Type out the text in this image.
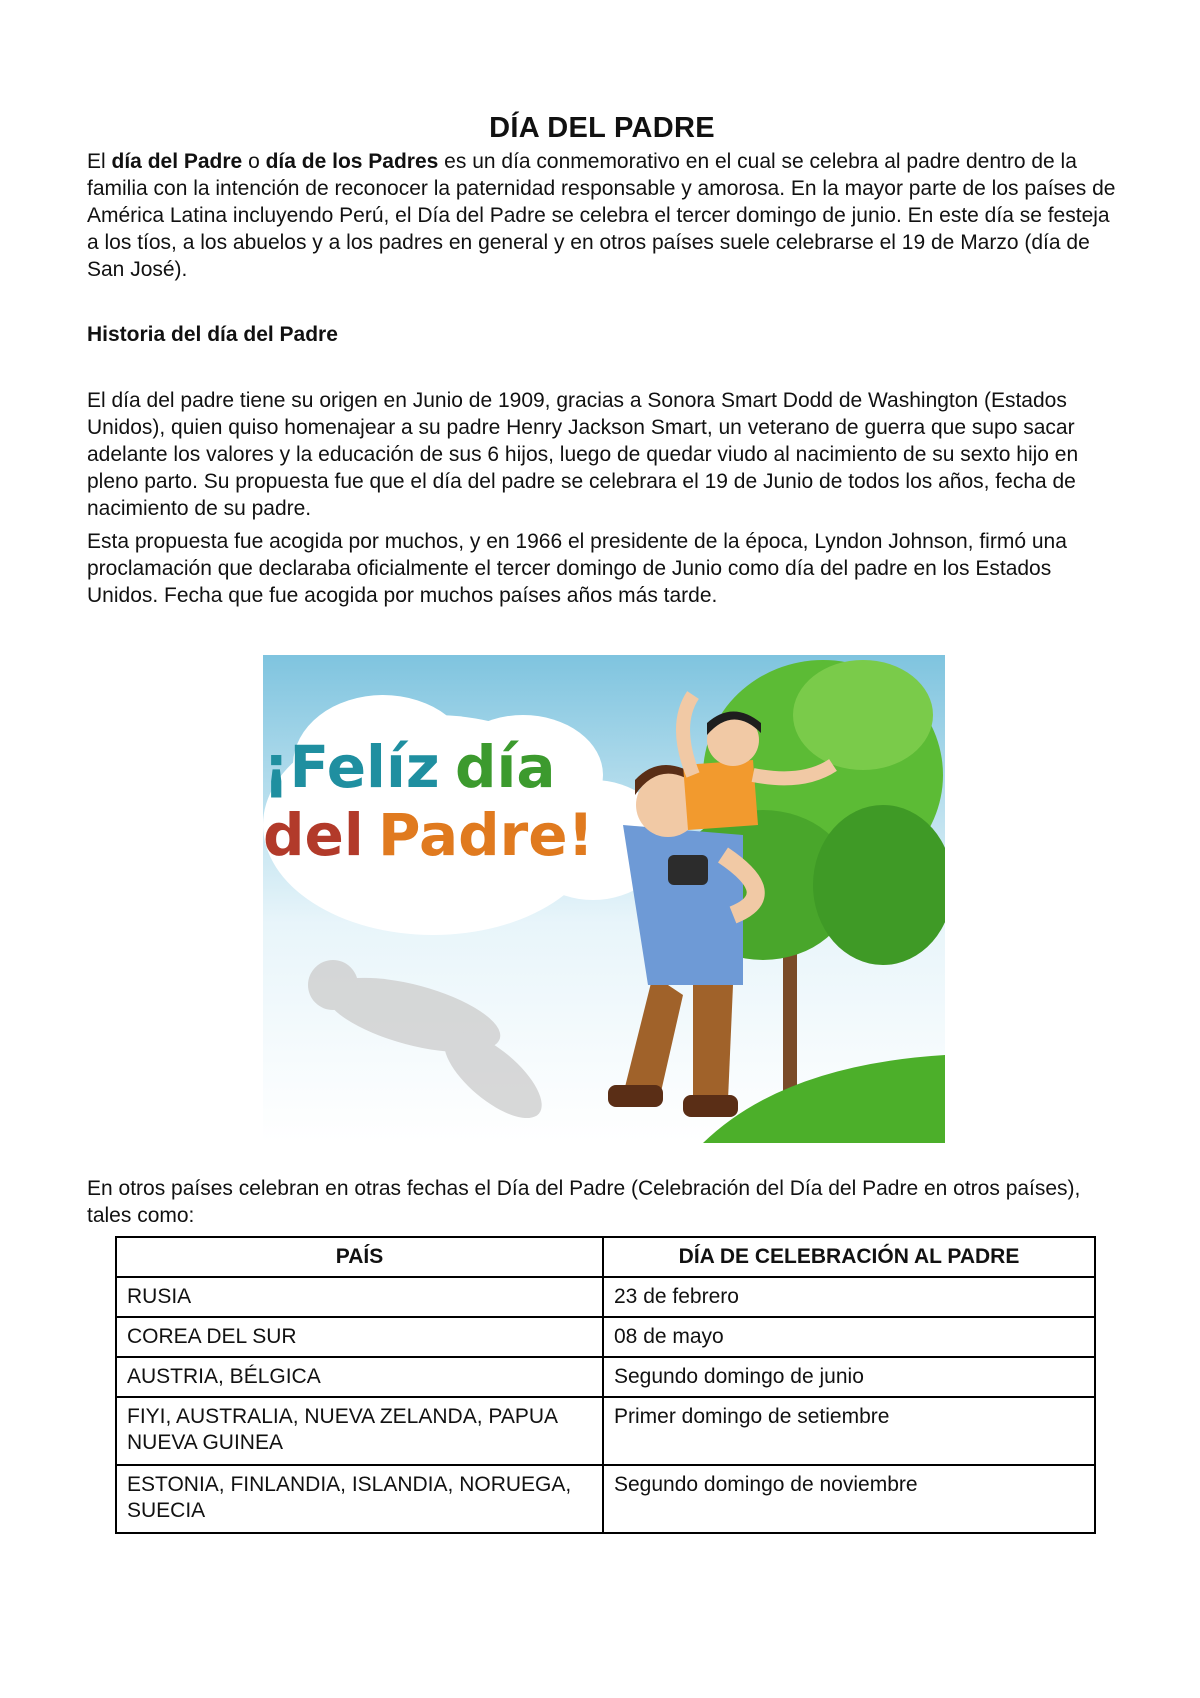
DÍA DEL PADRE

El día del Padre o día de los Padres es un día conmemorativo en el cual se celebra al padre dentro de la familia con la intención de reconocer la paternidad responsable y amorosa. En la mayor parte de los países de América Latina incluyendo Perú, el Día del Padre se celebra el tercer domingo de junio. En este día se festeja a los tíos, a los abuelos y a los padres en general y en otros países suele celebrarse el 19 de Marzo (día de San José).

Historia del día del Padre

El día del padre tiene su origen en Junio de 1909, gracias a Sonora Smart Dodd de Washington (Estados Unidos), quien quiso homenajear a su padre Henry Jackson Smart, un veterano de guerra que supo sacar adelante los valores y la educación de sus 6 hijos, luego de quedar viudo al nacimiento de su sexto hijo en pleno parto. Su propuesta fue que el día del padre se celebrara el 19 de Junio de todos los años, fecha de nacimiento de su padre.

Esta propuesta fue acogida por muchos, y en 1966 el presidente de la época, Lyndon Johnson, firmó una proclamación que declaraba oficialmente el tercer domingo de Junio como día del padre en los Estados Unidos. Fecha que fue acogida por muchos países años más tarde.

¡Felíz día
del Padre!

En otros países celebran en otras fechas el Día del Padre (Celebración del Día del Padre en otros países), tales como:

PAÍS	DÍA DE CELEBRACIÓN AL PADRE
RUSIA	23 de febrero
COREA DEL SUR	08 de mayo
AUSTRIA, BÉLGICA	Segundo domingo de junio
FIYI, AUSTRALIA, NUEVA ZELANDA, PAPUA NUEVA GUINEA	Primer domingo de setiembre
ESTONIA, FINLANDIA, ISLANDIA, NORUEGA, SUECIA	Segundo domingo de noviembre
